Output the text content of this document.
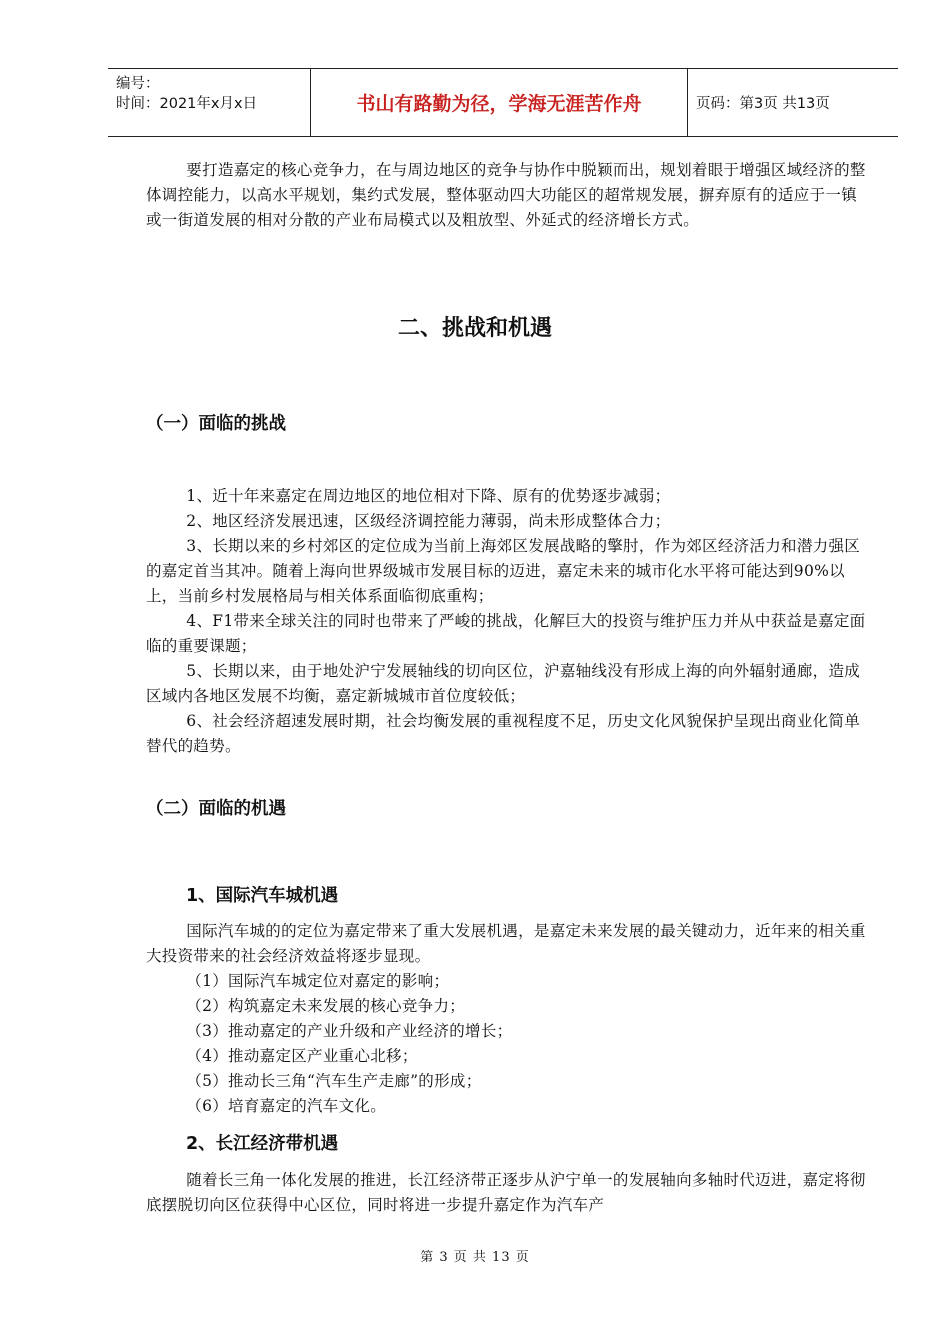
编号：
时间：2021年x月x日	书山有路勤为径，学海无涯苦作舟	页码：第3页 共13页

要打造嘉定的核心竞争力，在与周边地区的竞争与协作中脱颖而出，规划着眼于增强区域经济的整体调控能力，以高水平规划，集约式发展，整体驱动四大功能区的超常规发展，摒弃原有的适应于一镇或一街道发展的相对分散的产业布局模式以及粗放型、外延式的经济增长方式。

二、挑战和机遇
（一）面临的挑战

1、近十年来嘉定在周边地区的地位相对下降、原有的优势逐步减弱；

2、地区经济发展迅速，区级经济调控能力薄弱，尚未形成整体合力；

3、长期以来的乡村郊区的定位成为当前上海郊区发展战略的擎肘，作为郊区经济活力和潜力强区的嘉定首当其冲。随着上海向世界级城市发展目标的迈进，嘉定未来的城市化水平将可能达到90%以上，当前乡村发展格局与相关体系面临彻底重构；

4、F1带来全球关注的同时也带来了严峻的挑战，化解巨大的投资与维护压力并从中获益是嘉定面临的重要课题；

5、长期以来，由于地处沪宁发展轴线的切向区位，沪嘉轴线没有形成上海的向外辐射通廊，造成区域内各地区发展不均衡，嘉定新城城市首位度较低；

6、社会经济超速发展时期，社会均衡发展的重视程度不足，历史文化风貌保护呈现出商业化简单替代的趋势。

（二）面临的机遇
1、国际汽车城机遇

国际汽车城的的定位为嘉定带来了重大发展机遇，是嘉定未来发展的最关键动力，近年来的相关重大投资带来的社会经济效益将逐步显现。

（1）国际汽车城定位对嘉定的影响；

（2）构筑嘉定未来发展的核心竞争力；

（3）推动嘉定的产业升级和产业经济的增长；

（4）推动嘉定区产业重心北移；

（5）推动长三角“汽车生产走廊”的形成；

（6）培育嘉定的汽车文化。

2、长江经济带机遇

随着长三角一体化发展的推进，长江经济带正逐步从沪宁单一的发展轴向多轴时代迈进，嘉定将彻底摆脱切向区位获得中心区位，同时将进一步提升嘉定作为汽车产

第 3 页 共 13 页
